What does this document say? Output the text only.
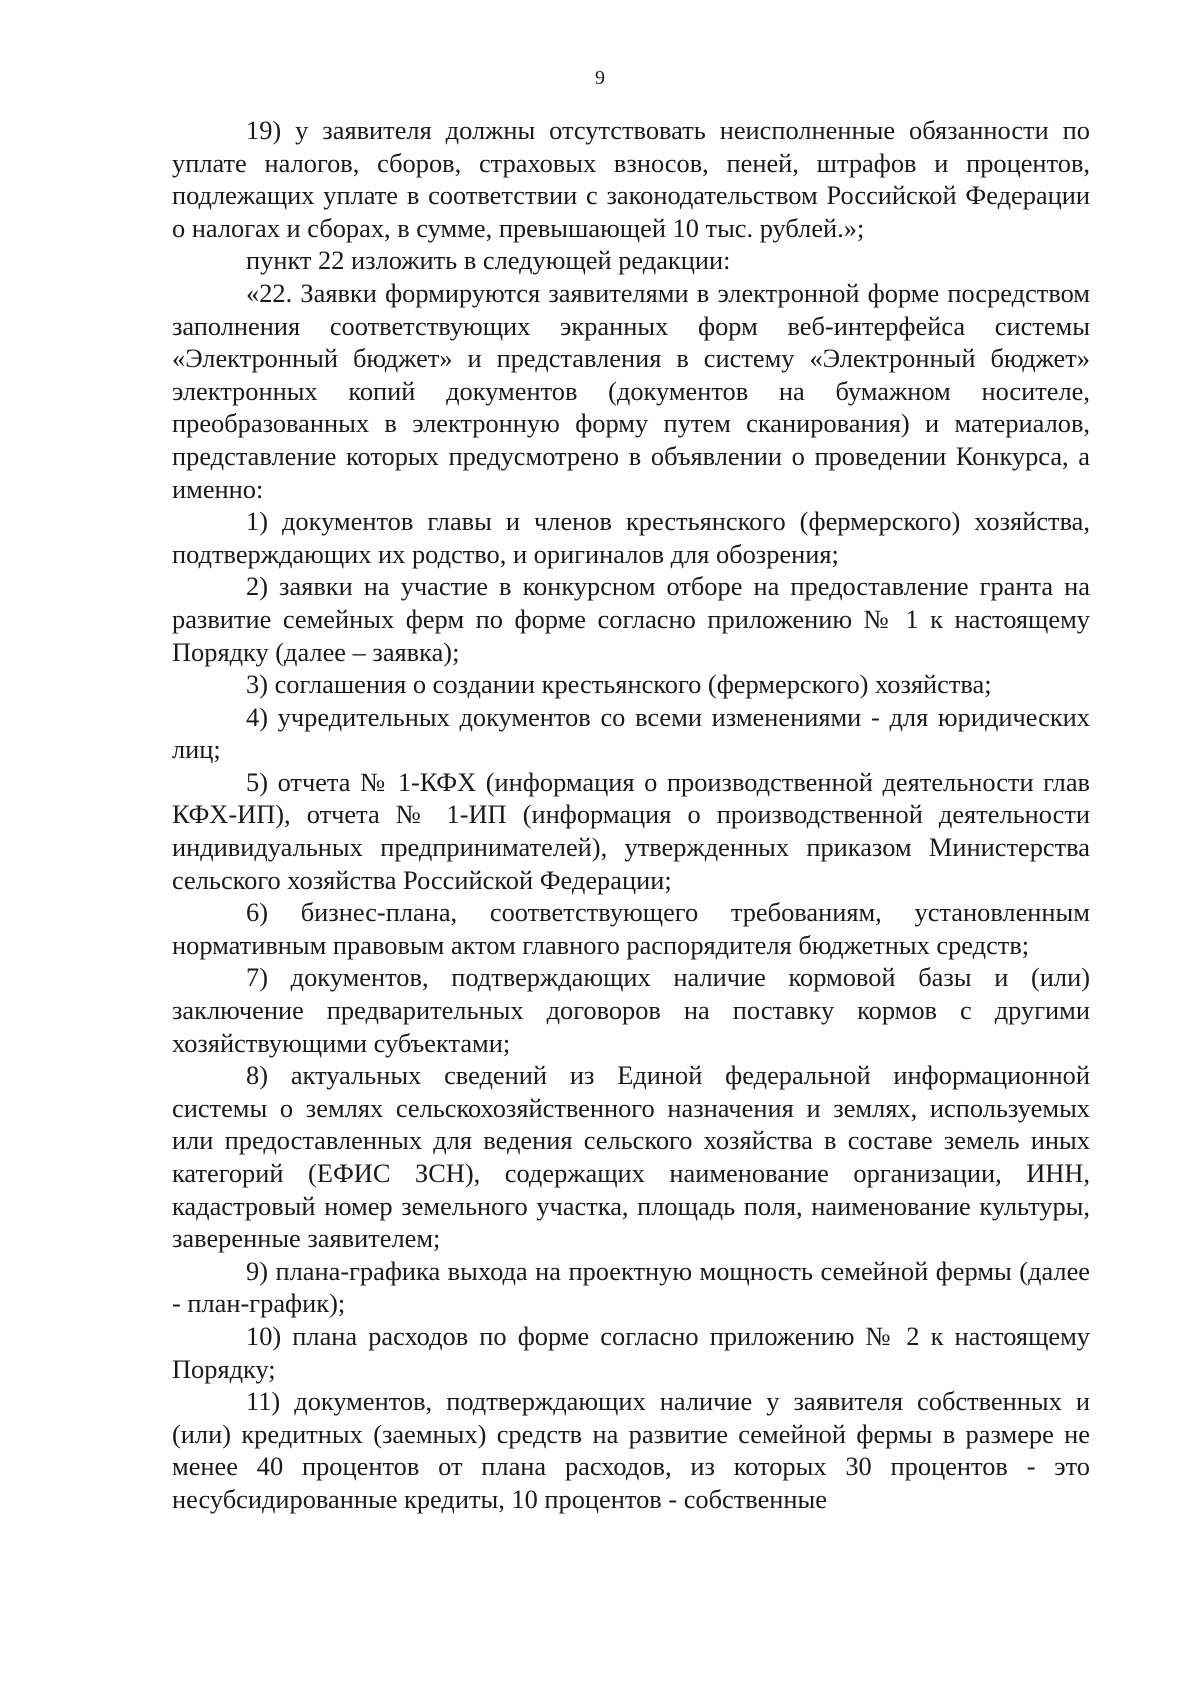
9

19) у заявителя должны отсутствовать неисполненные обязанности по уплате налогов, сборов, страховых взносов, пеней, штрафов и процентов, подлежащих уплате в соответствии с законодательством Российской Федерации о налогах и сборах, в сумме, превышающей 10 тыс. рублей.»;

пункт 22 изложить в следующей редакции:

«22. Заявки формируются заявителями в электронной форме посредством заполнения соответствующих экранных форм веб-интерфейса системы «Электронный бюджет» и представления в систему «Электронный бюджет» электронных копий документов (документов на бумажном носителе, преобразованных в электронную форму путем сканирования) и материалов, представление которых предусмотрено в объявлении о проведении Конкурса, а именно:

1) документов главы и членов крестьянского (фермерского) хозяйства, подтверждающих их родство, и оригиналов для обозрения;

2) заявки на участие в конкурсном отборе на предоставление гранта на развитие семейных ферм по форме согласно приложению № 1 к настоящему Порядку (далее – заявка);

3) соглашения о создании крестьянского (фермерского) хозяйства;

4) учредительных документов со всеми изменениями - для юридических лиц;

5) отчета № 1-КФХ (информация о производственной деятельности глав КФХ-ИП), отчета № 1-ИП (информация о производственной деятельности индивидуальных предпринимателей), утвержденных приказом Министерства сельского хозяйства Российской Федерации;

6) бизнес-плана, соответствующего требованиям, установленным нормативным правовым актом главного распорядителя бюджетных средств;

7) документов, подтверждающих наличие кормовой базы и (или) заключение предварительных договоров на поставку кормов с другими хозяйствующими субъектами;

8) актуальных сведений из Единой федеральной информационной системы о землях сельскохозяйственного назначения и землях, используемых или предоставленных для ведения сельского хозяйства в составе земель иных категорий (ЕФИС ЗСН), содержащих наименование организации, ИНН, кадастровый номер земельного участка, площадь поля, наименование культуры, заверенные заявителем;

9) плана-графика выхода на проектную мощность семейной фермы (далее - план-график);

10) плана расходов по форме согласно приложению № 2 к настоящему Порядку;

11) документов, подтверждающих наличие у заявителя собственных и (или) кредитных (заемных) средств на развитие семейной фермы в размере не менее 40 процентов от плана расходов, из которых 30 процентов - это несубсидированные кредиты, 10 процентов - собственные
